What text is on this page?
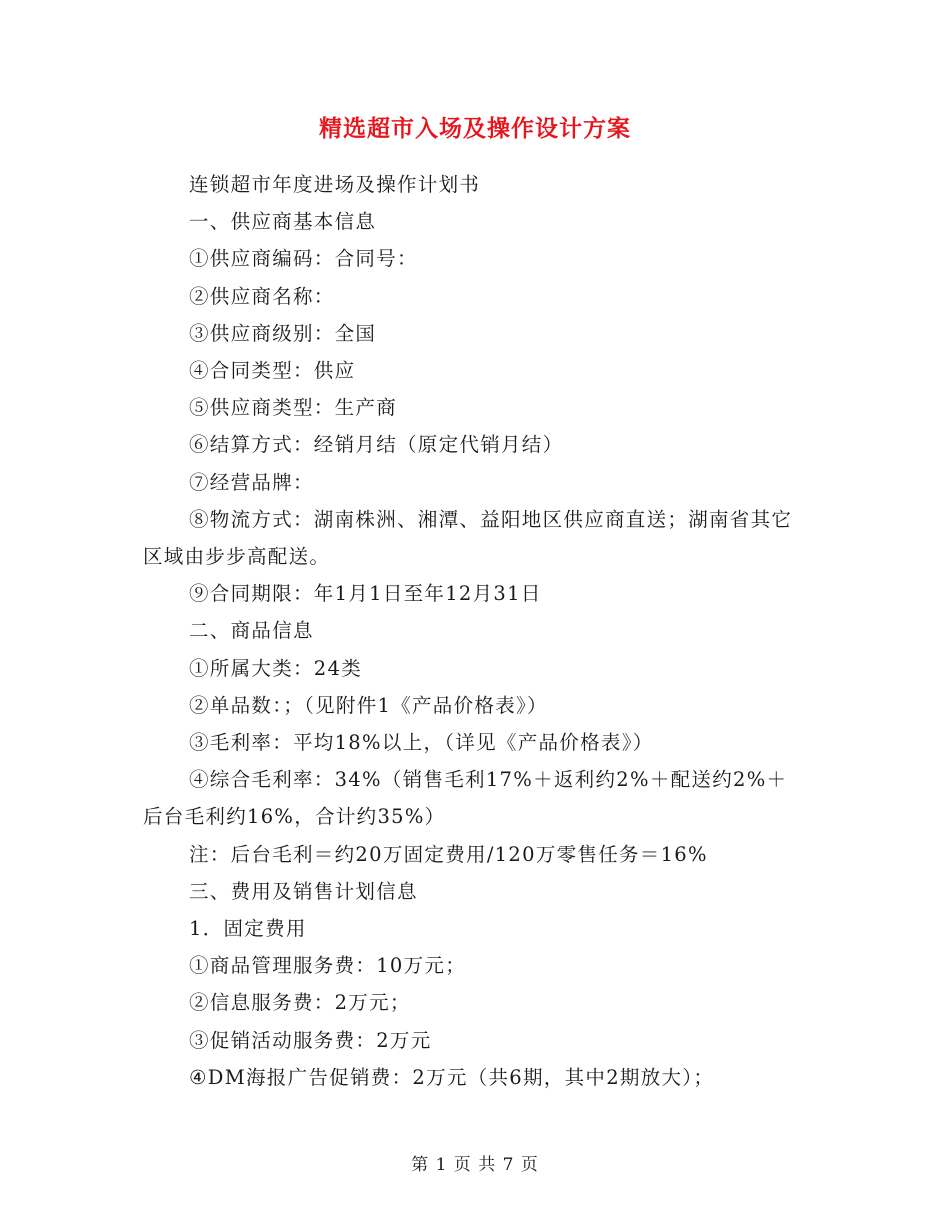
精选超市入场及操作设计方案

连锁超市年度进场及操作计划书

一、供应商基本信息

①供应商编码：合同号：

②供应商名称：

③供应商级别：全国

④合同类型：供应

⑤供应商类型：生产商

⑥结算方式：经销月结（原定代销月结）

⑦经营品牌：

⑧物流方式：湖南株洲、湘潭、益阳地区供应商直送；湖南省其它区域由步步高配送。

⑨合同期限：年1月1日至年12月31日

二、商品信息

①所属大类：24类

②单品数：；（见附件1《产品价格表》）

③毛利率：平均18%以上，（详见《产品价格表》）

④综合毛利率：34%（销售毛利17%＋返利约2%＋配送约2%＋后台毛利约16%，合计约35%）

注：后台毛利＝约20万固定费用/120万零售任务＝16%

三、费用及销售计划信息

1．固定费用

①商品管理服务费：10万元；

②信息服务费：2万元；

③促销活动服务费：2万元

④DM海报广告促销费：2万元（共6期，其中2期放大）；

第 1 页 共 7 页
